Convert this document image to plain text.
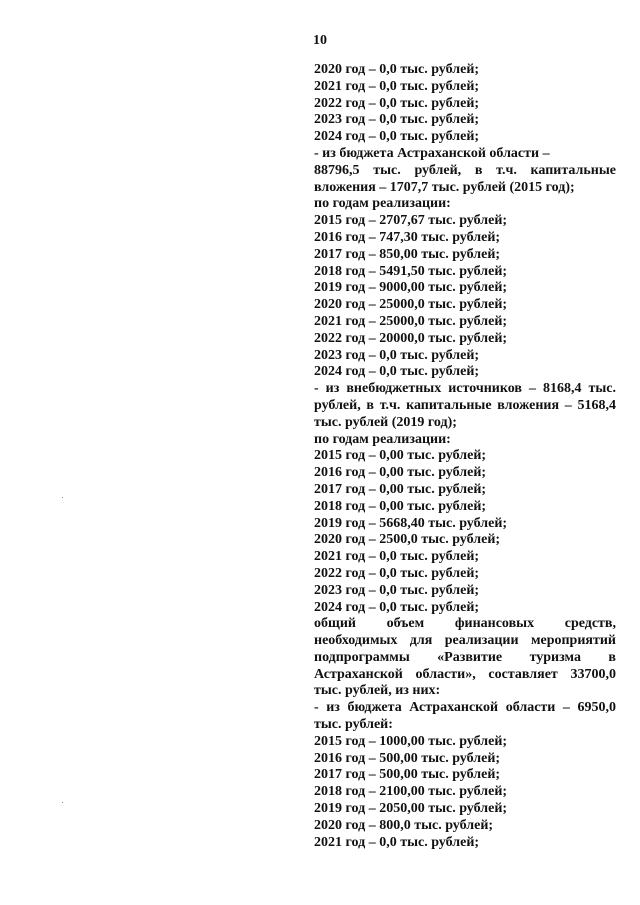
10
2020 год – 0,0 тыс. рублей;
2021 год – 0,0 тыс. рублей;
2022 год – 0,0 тыс. рублей;
2023 год – 0,0 тыс. рублей;
2024 год – 0,0 тыс. рублей;
- из бюджета Астраханской области –
88796,5 тыс. рублей, в т.ч. капитальные вложения – 1707,7 тыс. рублей (2015 год);
по годам реализации:
2015 год – 2707,67 тыс. рублей;
2016 год – 747,30 тыс. рублей;
2017 год – 850,00 тыс. рублей;
2018 год – 5491,50 тыс. рублей;
2019 год – 9000,00 тыс. рублей;
2020 год – 25000,0 тыс. рублей;
2021 год – 25000,0 тыс. рублей;
2022 год – 20000,0 тыс. рублей;
2023 год – 0,0 тыс. рублей;
2024 год – 0,0 тыс. рублей;
- из внебюджетных источников – 8168,4 тыс. рублей, в т.ч. капитальные вложения – 5168,4 тыс. рублей (2019 год);
по годам реализации:
2015 год – 0,00 тыс. рублей;
2016 год – 0,00 тыс. рублей;
2017 год – 0,00 тыс. рублей;
2018 год – 0,00 тыс. рублей;
2019 год – 5668,40 тыс. рублей;
2020 год – 2500,0 тыс. рублей;
2021 год – 0,0 тыс. рублей;
2022 год – 0,0 тыс. рублей;
2023 год – 0,0 тыс. рублей;
2024 год – 0,0 тыс. рублей;
общий объем финансовых средств, необходимых для реализации мероприятий подпрограммы «Развитие туризма в Астраханской области», составляет 33700,0 тыс. рублей, из них:
- из бюджета Астраханской области – 6950,0 тыс. рублей:
2015 год – 1000,00 тыс. рублей;
2016 год – 500,00 тыс. рублей;
2017 год – 500,00 тыс. рублей;
2018 год – 2100,00 тыс. рублей;
2019 год – 2050,00 тыс. рублей;
2020 год – 800,0 тыс. рублей;
2021 год – 0,0 тыс. рублей;
